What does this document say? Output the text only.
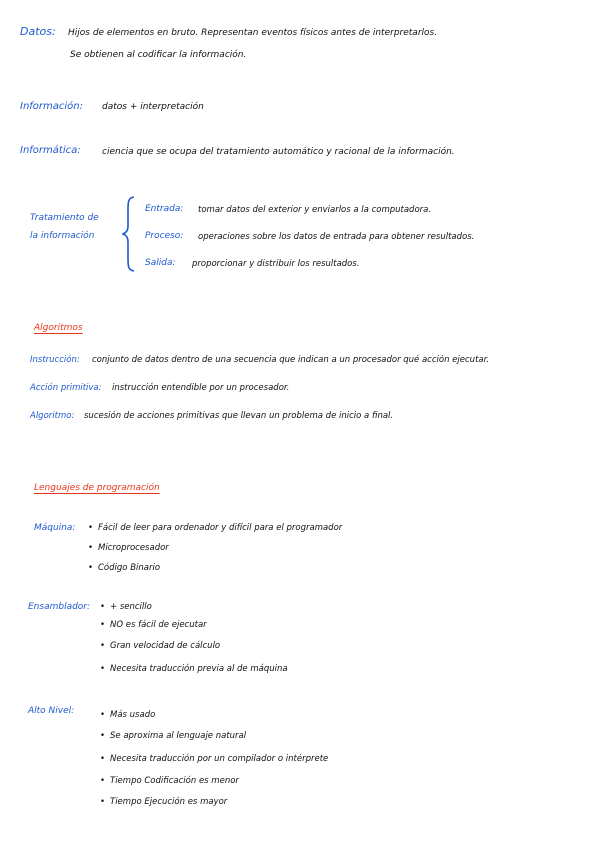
Datos: Hijos de elementos en bruto. Representan eventos físicos antes de interpretarlos.
Se obtienen al codificar la información.
Información: datos + interpretación
Informática: ciencia que se ocupa del tratamiento automático y racional de la información.
Tratamiento de
la información
Entrada: tomar datos del exterior y enviarlos a la computadora.
Proceso: operaciones sobre los datos de entrada para obtener resultados.
Salida: proporcionar y distribuir los resultados.
Algoritmos
Instrucción: conjunto de datos dentro de una secuencia que indican a un procesador qué acción ejecutar.
Acción primitiva: instrucción entendible por un procesador.
Algoritmo: sucesión de acciones primitivas que llevan un problema de inicio a final.
Lenguajes de programación
Máquina: • Fácil de leer para ordenador y difícil para el programador
• Microprocesador
• Código Binario
Ensamblador: • + sencillo
• NO es fácil de ejecutar
• Gran velocidad de cálculo
• Necesita traducción previa al de máquina
Alto Nivel:	• Más usado
• Se aproxima al lenguaje natural
• Necesita traducción por un compilador o intérprete
• Tiempo Codificación es menor
• Tiempo Ejecución es mayor
